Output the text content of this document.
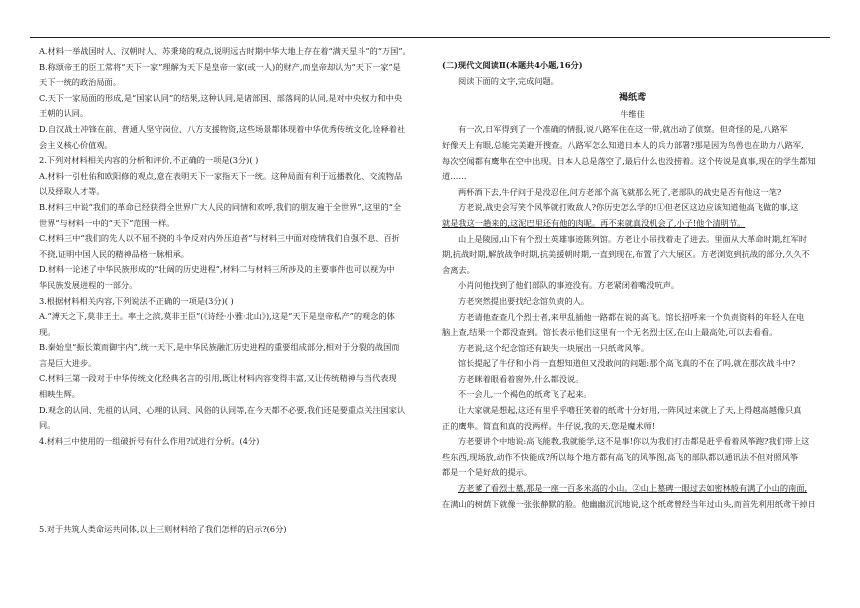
A.材料一举战国时人、汉朝时人、苏秉琦的观点,说明远古时期中华大地上存在着“满天星斗”的“万国”。
B.称颂帝王的臣工常将“天下一家”理解为天下是皇帝一家(或一人)的财产,而皇帝却认为“天下一家”是
天下一统的政治局面。
C.天下一家局面的形成,是“国家认同”的结果,这种认同,是诸部国、部落间的认同,是对中央权力和中央
王朝的认同。
D.自汉战士冲锋在前、普通人坚守岗位、八方支援物资,这些场景都体现着中华优秀传统文化,诠释着社
会主义核心价值观。
2.下列对材料相关内容的分析和评价,不正确的一项是(3分)( )
A.材料一引杜佑和欧阳修的观点,意在表明天下一家指天下一统。这种局面有利于远播教化、交流物品
以及择取人才等。
B.材料三中说“我们的革命已经获得全世界广大人民的同情和欢呼,我们的朋友遍于全世界”,这里的“全
世界”与材料一中的“天下”范围一样。
C.材料三中“我们的先人以不屈不挠的斗争反对内外压迫者”与材料三中面对疫情我们自强不息、百折
不挠,证明中国人民的精神品格一脉相承。
D.材料一论述了中华民族形成的“壮阔的历史进程”,材料二与材料三所涉及的主要事件也可以视为中
华民族发展进程的一部分。
3.根据材料相关内容,下列说法不正确的一项是(3分)( )
A.“溥天之下,莫非王土。率土之滨,莫非王臣”(《诗经·小雅·北山》),这是“天下是皇帝私产”的观念的体
现。
B.秦始皇“振长策而御宇内”,统一天下,是中华民族融汇历史进程的重要组成部分,相对于分裂的战国而
言是巨大进步。
C.材料三第一段对于中华传统文化经典名言的引用,既让材料内容变得丰富,又让传统精神与当代表现
相映生辉。
D.观念的认同、先祖的认同、心理的认同、风俗的认同等,在今天都不必要,我们还是要重点关注国家认
同。
4.材料三中使用的一组破折号有什么作用?试进行分析。(4分)
5.对于共筑人类命运共同体,以上三则材料给了我们怎样的启示?(6分)
(二)现代文阅读Ⅱ(本题共4小题,16分)
阅读下面的文字,完成问题。
褐纸鸢
牛维佳
有一次,日军得到了一个准确的情报,说八路军住在这一带,就出动了侦察。但奇怪的是,八路军
好像天上有眼,总能完美避开搜查。八路军怎么知道日本人的兵力部署?那是因为鸟兽也在助力八路军,
每次空闻都有鹰隼在空中出现。日本人总是落空了,最后什么也没捞着。这个传说是真事,现在的学生都知
道……
两杯酒下去,牛仔问于是没忍住,问方老部个高飞就那么死了,老部队的战史是否有他这一笔?
方老说,战史会写笑个风筝就打败敌人?你历史怎么学的!①但老区这边应该知道他高飞做的事,这
就是我这一趟来的,这泥巴里还有他的肉呢。再不来就真没机会了,小子!他个清明节。
山上是陵园,山下有个烈士英雄事迹陈列馆。方老让小吊找着走了进去。里面从大革命时期,红军时
期,抗战时期,解放战争时期,抗美援朝时期,一直到现在,布置了六大展区。方老浏览到抗战的部分,久久不
舍离去。
小肖问他找到了他们部队的事迹没有。方老紧闭着嘴没吭声。
方老突然提出要找纪念馆负责的人。
方老请他查查几个烈士者,来甲乱插他一路都在说的高飞。馆长招呼来一个负责资料的年轻人在电
脑上查,结果一个都没查到。馆长表示他们这里有一个无名烈士区,在山上最高处,可以去看看。
方老说,这个纪念馆还有缺失一块展出一只纸鸢风筝。
馆长提起了牛仔和小肖一直想知道但又没敢问的问题:那个高飞真的不在了吗,就在那次战斗中?
方老眯着眼看着窗外,什么都没说。
不一会儿,一个褐色的纸鸢飞了起来。
让大家就是想起,这还有里乎乎噜狂笑着的纸鸢十分好用,一阵风过来就上了天,上得越高越像只真
正的鹰隼。简直和真的没两样。牛仔说,我的天,您是魔术师!
方老要讲个中地说:高飞能教,我就能学,这不是事!你以为我们打击都是赶乎看着风筝跑?我们带上这
些东西,现场放,动作不快能成?所以每个地方都有高飞的风筝图,高飞的部队都以通讯法不但对照风筝
都是一个是好敌的提示。
方老爹了看烈士墓,那是一座一百多米高的小山。②山上墓碑一眼过去如密林般有满了小山的南面,
在满山的树荫下就像一张张静默的脸。他幽幽沉沉地说,这个纸鸢曾经当年过山头,而首先利用纸鸢干掉日
